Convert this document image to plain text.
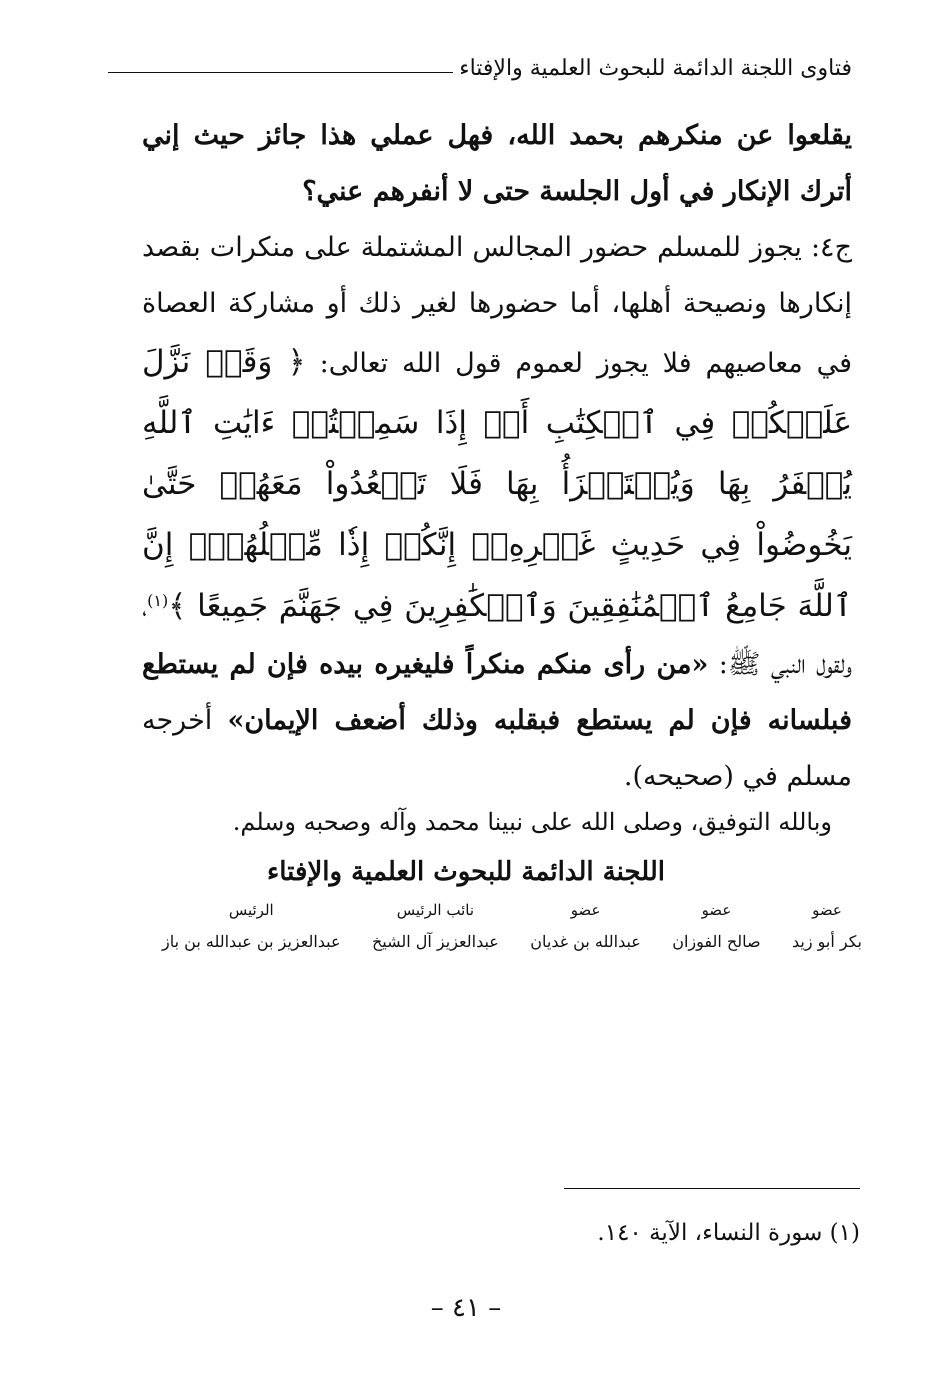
فتاوى اللجنة الدائمة للبحوث العلمية والإفتاء

يقلعوا عن منكرهم بحمد الله، فهل عملي هذا جائز حيث إني أترك الإنكار في أول الجلسة حتى لا أنفرهم عني؟

ج٤: يجوز للمسلم حضور المجالس المشتملة على منكرات بقصد إنكارها ونصيحة أهلها، أما حضورها لغير ذلك أو مشاركة العصاة في معاصيهم فلا يجوز لعموم قول الله تعالى: ﴿ وَقَدۡ نَزَّلَ عَلَيۡكُمۡ فِي ٱلۡكِتَٰبِ أَنۡ إِذَا سَمِعۡتُمۡ ءَايَٰتِ ٱللَّهِ يُكۡفَرُ بِهَا وَيُسۡتَهۡزَأُ بِهَا فَلَا تَقۡعُدُواْ مَعَهُمۡ حَتَّىٰ يَخُوضُواْ فِي حَدِيثٍ غَيۡرِهِۦٓ إِنَّكُمۡ إِذٗا مِّثۡلُهُمۡۗ إِنَّ ٱللَّهَ جَامِعُ ٱلۡمُنَٰفِقِينَ وَٱلۡكَٰفِرِينَ فِي جَهَنَّمَ جَمِيعًا ﴾$^{(١)}$، ولقول النبي ﷺ: «من رأى منكم منكراً فليغيره بيده فإن لم يستطع فبلسانه فإن لم يستطع فبقلبه وذلك أضعف الإيمان» أخرجه مسلم في (صحيحه).

وبالله التوفيق، وصلى الله على نبينا محمد وآله وصحبه وسلم.
اللجنة الدائمة للبحوث العلمية والإفتاء
عضو
بكر أبو زيد
عضو
صالح الفوزان
عضو
عبدالله بن غديان
نائب الرئيس
عبدالعزيز آل الشيخ
الرئيس
عبدالعزيز بن عبدالله بن باز
(١) سورة النساء، الآية ١٤٠.
– ٤١ –
